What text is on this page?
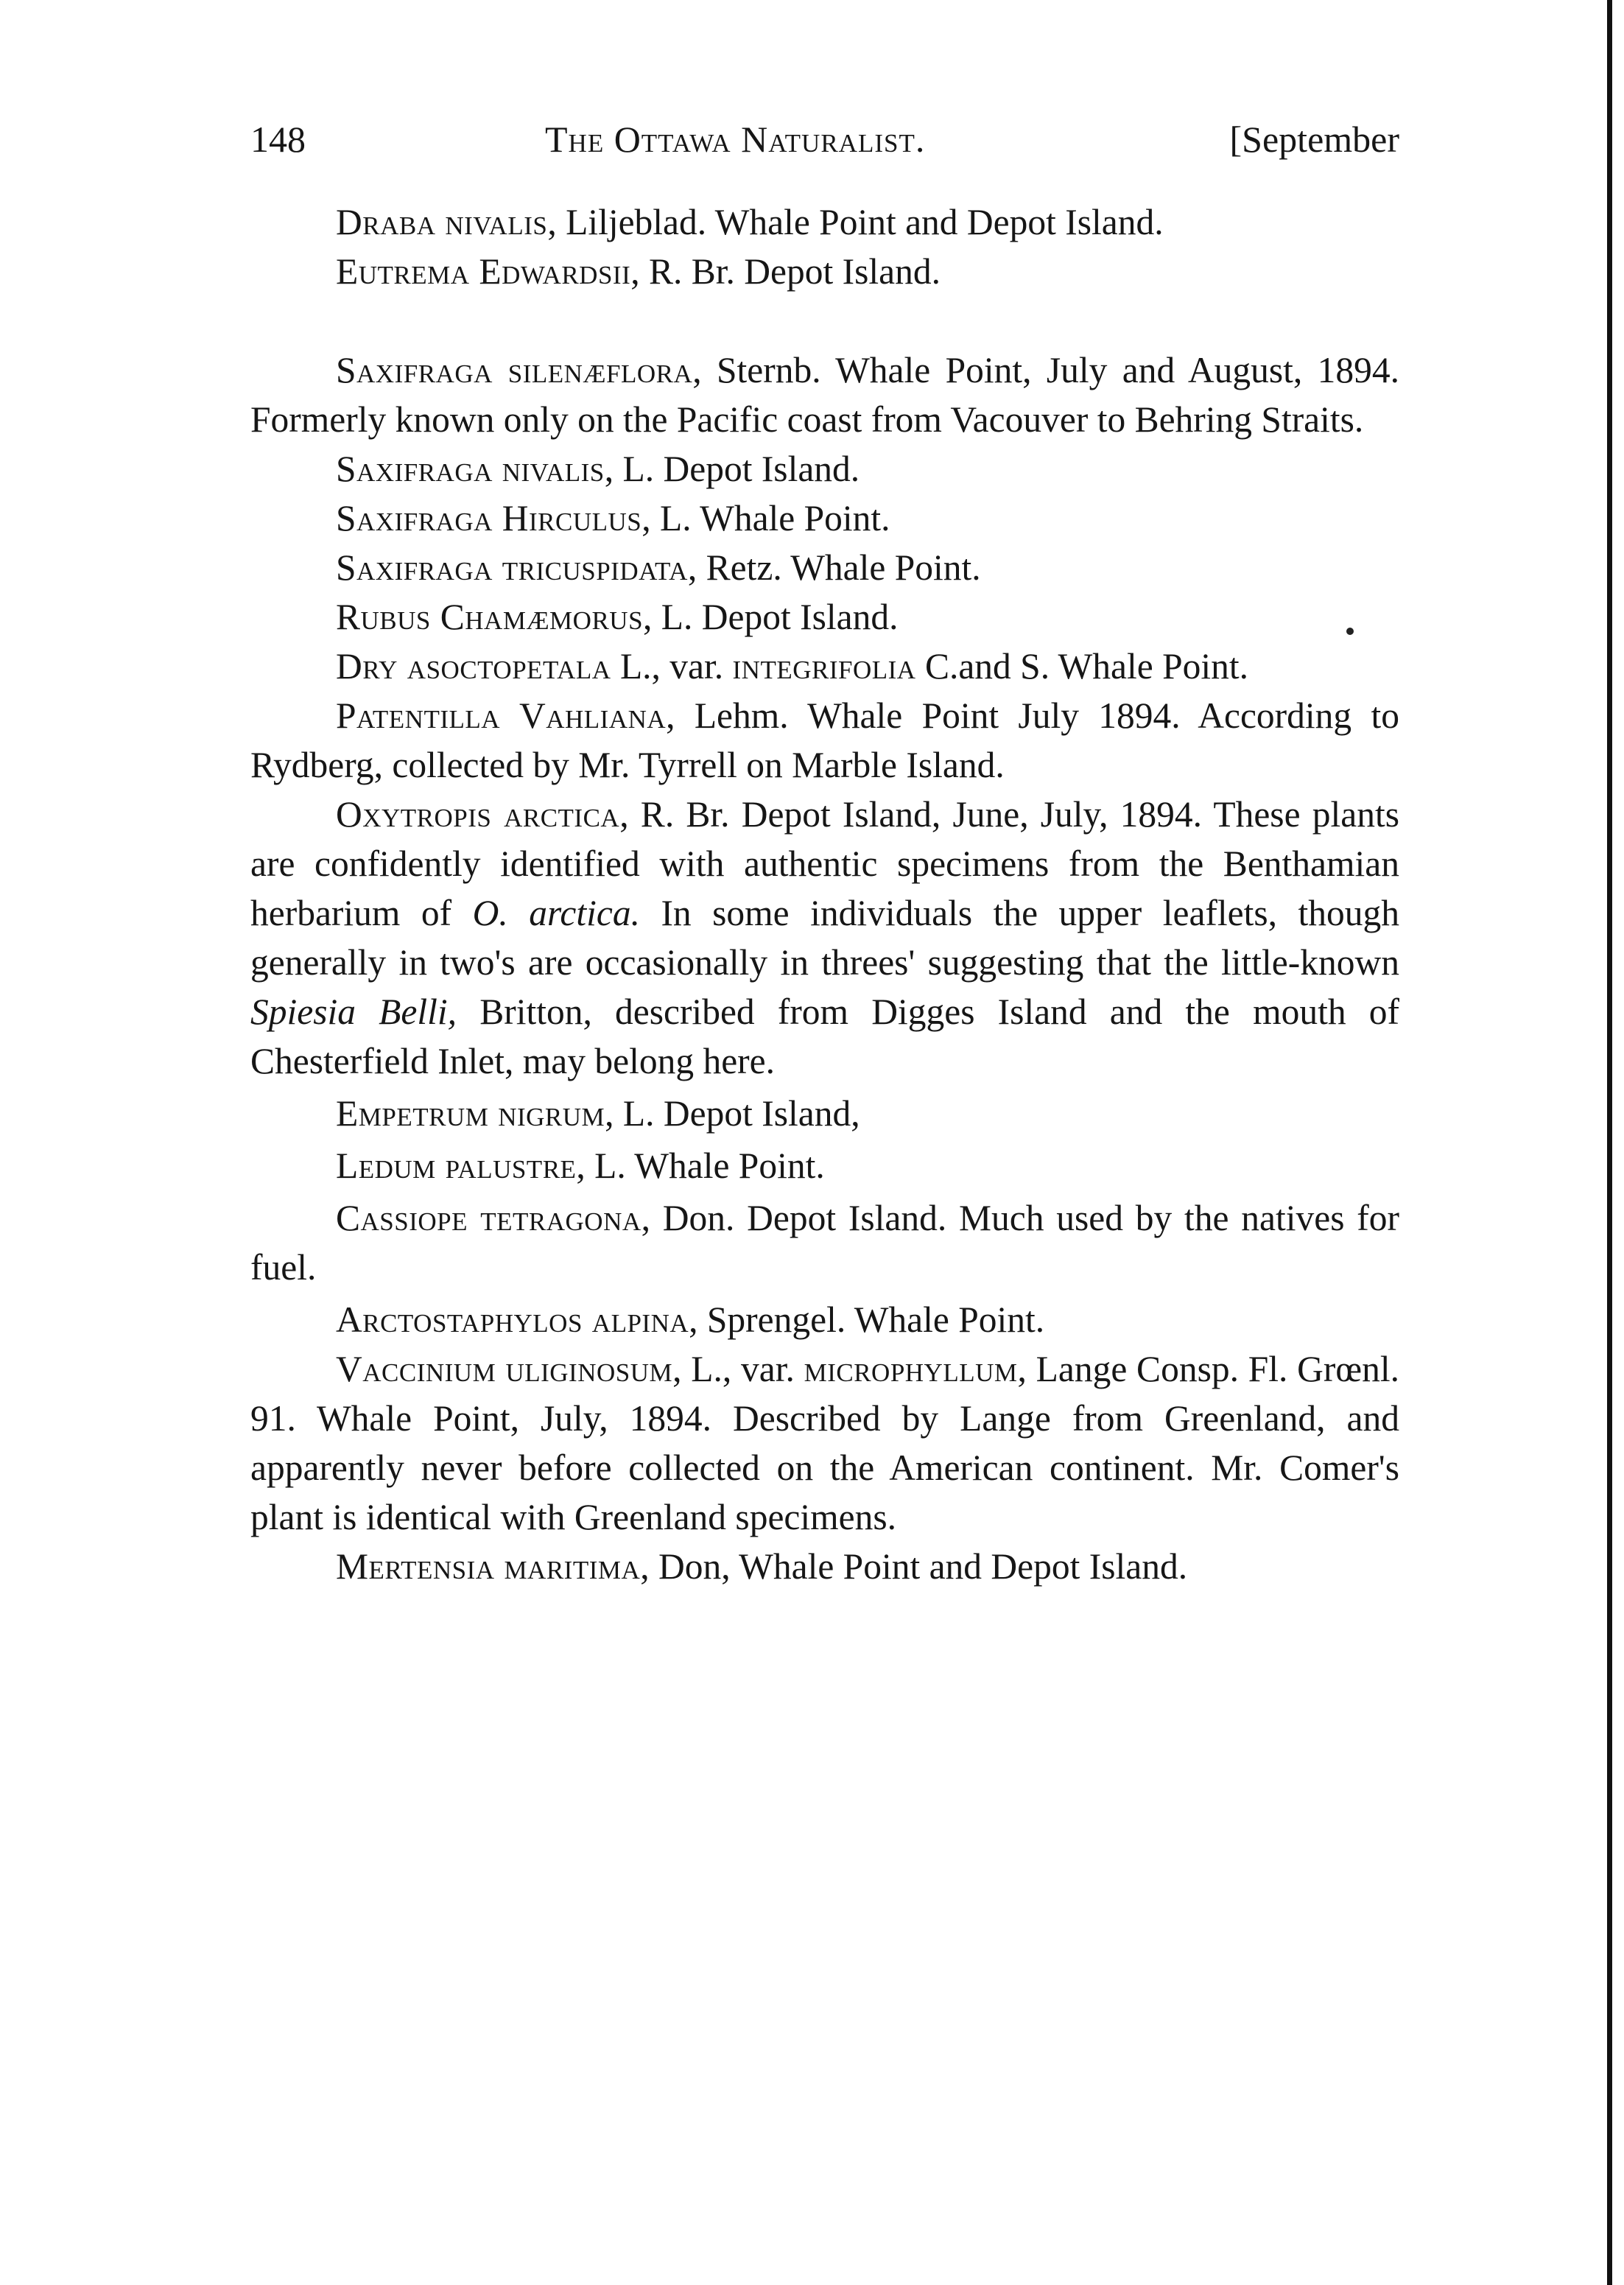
148	The Ottawa Naturalist.	[September

Draba nivalis, Liljeblad. Whale Point and Depot Island.

Eutrema Edwardsii, R. Br. Depot Island.

Saxifraga silenæflora, Sternb. Whale Point, July and August, 1894. Formerly known only on the Pacific coast from Vacouver to Behring Straits.

Saxifraga nivalis, L. Depot Island.

Saxifraga Hirculus, L. Whale Point.

Saxifraga tricuspidata, Retz. Whale Point.

Rubus Chamæmorus, L. Depot Island.

Dry asoctopetala L., var. integrifolia C.and S. Whale Point.

Patentilla Vahliana, Lehm. Whale Point July 1894. According to Rydberg, collected by Mr. Tyrrell on Marble Island.

Oxytropis arctica, R. Br. Depot Island, June, July, 1894. These plants are confidently identified with authentic specimens from the Benthamian herbarium of O. arctica. In some individuals the upper leaflets, though generally in two's are occasionally in threes' suggesting that the little-known Spiesia Belli, Britton, described from Digges Island and the mouth of Chesterfield Inlet, may belong here.

Empetrum nigrum, L. Depot Island,

Ledum palustre, L. Whale Point.

Cassiope tetragona, Don. Depot Island. Much used by the natives for fuel.

Arctostaphylos alpina, Sprengel. Whale Point.

Vaccinium uliginosum, L., var. microphyllum, Lange Consp. Fl. Grœnl. 91. Whale Point, July, 1894. Described by Lange from Greenland, and apparently never before collected on the American continent. Mr. Comer's plant is identical with Greenland specimens.

Mertensia maritima, Don, Whale Point and Depot Island.
